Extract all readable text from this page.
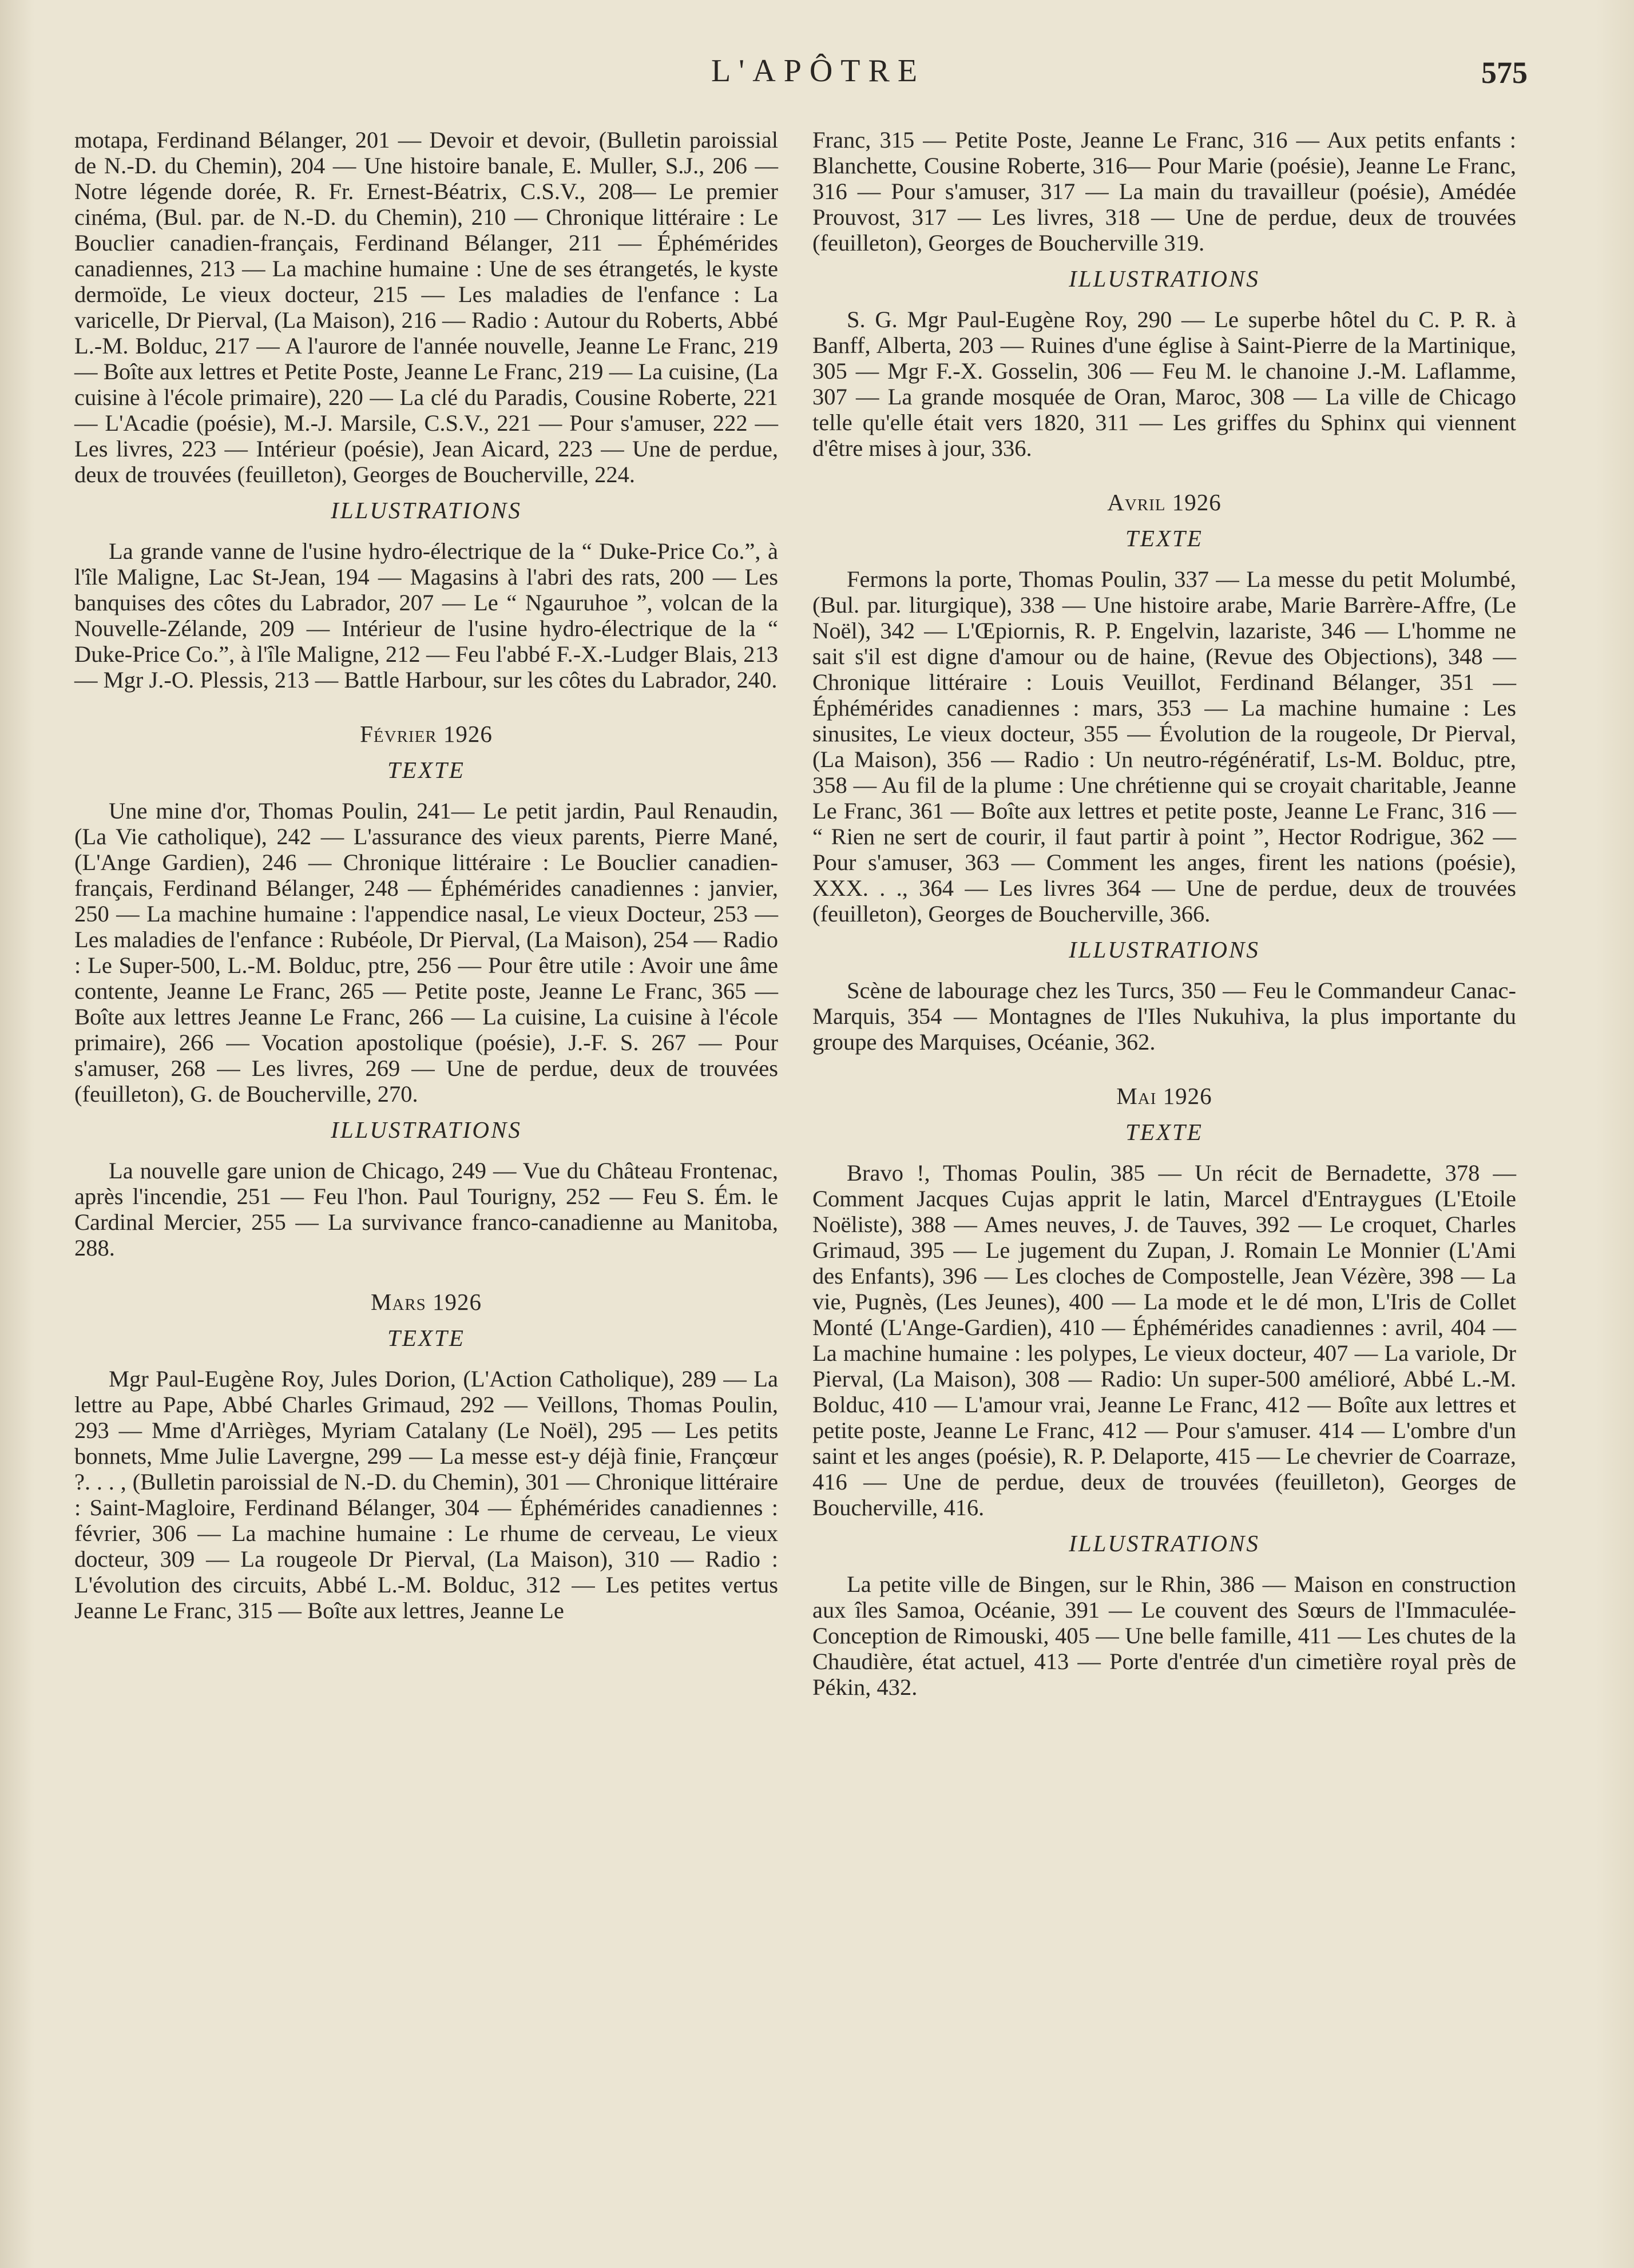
L'APÔTRE	575

motapa, Ferdinand Bélanger, 201 — Devoir et devoir, (Bulletin paroissial de N.-D. du Chemin), 204 — Une histoire banale, E. Muller, S.J., 206 — Notre légende dorée, R. Fr. Ernest-Béatrix, C.S.V., 208— Le premier cinéma, (Bul. par. de N.-D. du Chemin), 210 — Chronique littéraire : Le Bouclier canadien-français, Ferdinand Bélanger, 211 — Éphémérides canadiennes, 213 — La machine humaine : Une de ses étrangetés, le kyste dermoïde, Le vieux docteur, 215 — Les maladies de l'enfance : La varicelle, Dr Pierval, (La Maison), 216 — Radio : Autour du Roberts, Abbé L.-M. Bolduc, 217 — A l'aurore de l'année nouvelle, Jeanne Le Franc, 219 — Boîte aux lettres et Petite Poste, Jeanne Le Franc, 219 — La cuisine, (La cuisine à l'école primaire), 220 — La clé du Paradis, Cousine Roberte, 221 — L'Acadie (poésie), M.-J. Marsile, C.S.V., 221 — Pour s'amuser, 222 — Les livres, 223 — Intérieur (poésie), Jean Aicard, 223 — Une de perdue, deux de trouvées (feuilleton), Georges de Boucherville, 224.

ILLUSTRATIONS

La grande vanne de l'usine hydro-électrique de la “ Duke-Price Co.”, à l'île Maligne, Lac St-Jean, 194 — Magasins à l'abri des rats, 200 — Les banquises des côtes du Labrador, 207 — Le “ Ngauruhoe ”, volcan de la Nouvelle-Zélande, 209 — Intérieur de l'usine hydro-électrique de la “ Duke-Price Co.”, à l'île Maligne, 212 — Feu l'abbé F.-X.-Ludger Blais, 213 — Mgr J.-O. Plessis, 213 — Battle Harbour, sur les côtes du Labrador, 240.

Février 1926
TEXTE

Une mine d'or, Thomas Poulin, 241— Le petit jardin, Paul Renaudin, (La Vie catholique), 242 — L'assurance des vieux parents, Pierre Mané, (L'Ange Gardien), 246 — Chronique littéraire : Le Bouclier canadien-français, Ferdinand Bélanger, 248 — Éphémérides canadiennes : janvier, 250 — La machine humaine : l'appendice nasal, Le vieux Docteur, 253 — Les maladies de l'enfance : Rubéole, Dr Pierval, (La Maison), 254 — Radio : Le Super-500, L.-M. Bolduc, ptre, 256 — Pour être utile : Avoir une âme contente, Jeanne Le Franc, 265 — Petite poste, Jeanne Le Franc, 365 — Boîte aux lettres Jeanne Le Franc, 266 — La cuisine, La cuisine à l'école primaire), 266 — Vocation apostolique (poésie), J.-F. S. 267 — Pour s'amuser, 268 — Les livres, 269 — Une de perdue, deux de trouvées (feuilleton), G. de Boucherville, 270.

ILLUSTRATIONS

La nouvelle gare union de Chicago, 249 — Vue du Château Frontenac, après l'incendie, 251 — Feu l'hon. Paul Tourigny, 252 — Feu S. Ém. le Cardinal Mercier, 255 — La survivance franco-canadienne au Manitoba, 288.

Mars 1926
TEXTE

Mgr Paul-Eugène Roy, Jules Dorion, (L'Action Catholique), 289 — La lettre au Pape, Abbé Charles Grimaud, 292 — Veillons, Thomas Poulin, 293 — Mme d'Arrièges, Myriam Catalany (Le Noël), 295 — Les petits bonnets, Mme Julie Lavergne, 299 — La messe est-y déjà finie, Françœur ?. . . , (Bulletin paroissial de N.-D. du Chemin), 301 — Chronique littéraire : Saint-Magloire, Ferdinand Bélanger, 304 — Éphémérides canadiennes : février, 306 — La machine humaine : Le rhume de cerveau, Le vieux docteur, 309 — La rougeole Dr Pierval, (La Maison), 310 — Radio : L'évolution des circuits, Abbé L.-M. Bolduc, 312 — Les petites vertus Jeanne Le Franc, 315 — Boîte aux lettres, Jeanne Le

Franc, 315 — Petite Poste, Jeanne Le Franc, 316 — Aux petits enfants : Blanchette, Cousine Roberte, 316— Pour Marie (poésie), Jeanne Le Franc, 316 — Pour s'amuser, 317 — La main du travailleur (poésie), Amédée Prouvost, 317 — Les livres, 318 — Une de perdue, deux de trouvées (feuilleton), Georges de Boucherville 319.

ILLUSTRATIONS

S. G. Mgr Paul-Eugène Roy, 290 — Le superbe hôtel du C. P. R. à Banff, Alberta, 203 — Ruines d'une église à Saint-Pierre de la Martinique, 305 — Mgr F.-X. Gosselin, 306 — Feu M. le chanoine J.-M. Laflamme, 307 — La grande mosquée de Oran, Maroc, 308 — La ville de Chicago telle qu'elle était vers 1820, 311 — Les griffes du Sphinx qui viennent d'être mises à jour, 336.

Avril 1926
TEXTE

Fermons la porte, Thomas Poulin, 337 — La messe du petit Molumbé, (Bul. par. liturgique), 338 — Une histoire arabe, Marie Barrère-Affre, (Le Noël), 342 — L'Œpiornis, R. P. Engelvin, lazariste, 346 — L'homme ne sait s'il est digne d'amour ou de haine, (Revue des Objections), 348 — Chronique littéraire : Louis Veuillot, Ferdinand Bélanger, 351 — Éphémérides canadiennes : mars, 353 — La machine humaine : Les sinusites, Le vieux docteur, 355 — Évolution de la rougeole, Dr Pierval, (La Maison), 356 — Radio : Un neutro-régénératif, Ls-M. Bolduc, ptre, 358 — Au fil de la plume : Une chrétienne qui se croyait charitable, Jeanne Le Franc, 361 — Boîte aux lettres et petite poste, Jeanne Le Franc, 316 — “ Rien ne sert de courir, il faut partir à point ”, Hector Rodrigue, 362 — Pour s'amuser, 363 — Comment les anges, firent les nations (poésie), XXX. . ., 364 — Les livres 364 — Une de perdue, deux de trouvées (feuilleton), Georges de Boucherville, 366.

ILLUSTRATIONS

Scène de labourage chez les Turcs, 350 — Feu le Commandeur Canac-Marquis, 354 — Montagnes de l'Iles Nukuhiva, la plus importante du groupe des Marquises, Océanie, 362.

Mai 1926
TEXTE

Bravo !, Thomas Poulin, 385 — Un récit de Bernadette, 378 — Comment Jacques Cujas apprit le latin, Marcel d'Entraygues (L'Etoile Noëliste), 388 — Ames neuves, J. de Tauves, 392 — Le croquet, Charles Grimaud, 395 — Le jugement du Zupan, J. Romain Le Monnier (L'Ami des Enfants), 396 — Les cloches de Compostelle, Jean Vézère, 398 — La vie, Pugnès, (Les Jeunes), 400 — La mode et le dé mon, L'Iris de Collet Monté (L'Ange-Gardien), 410 — Éphémérides canadiennes : avril, 404 — La machine humaine : les polypes, Le vieux docteur, 407 — La variole, Dr Pierval, (La Maison), 308 — Radio: Un super-500 amélioré, Abbé L.-M. Bolduc, 410 — L'amour vrai, Jeanne Le Franc, 412 — Boîte aux lettres et petite poste, Jeanne Le Franc, 412 — Pour s'amuser. 414 — L'ombre d'un saint et les anges (poésie), R. P. Delaporte, 415 — Le chevrier de Coarraze, 416 — Une de perdue, deux de trouvées (feuilleton), Georges de Boucherville, 416.

ILLUSTRATIONS

La petite ville de Bingen, sur le Rhin, 386 — Maison en construction aux îles Samoa, Océanie, 391 — Le couvent des Sœurs de l'Immaculée-Conception de Rimouski, 405 — Une belle famille, 411 — Les chutes de la Chaudière, état actuel, 413 — Porte d'entrée d'un cimetière royal près de Pékin, 432.
